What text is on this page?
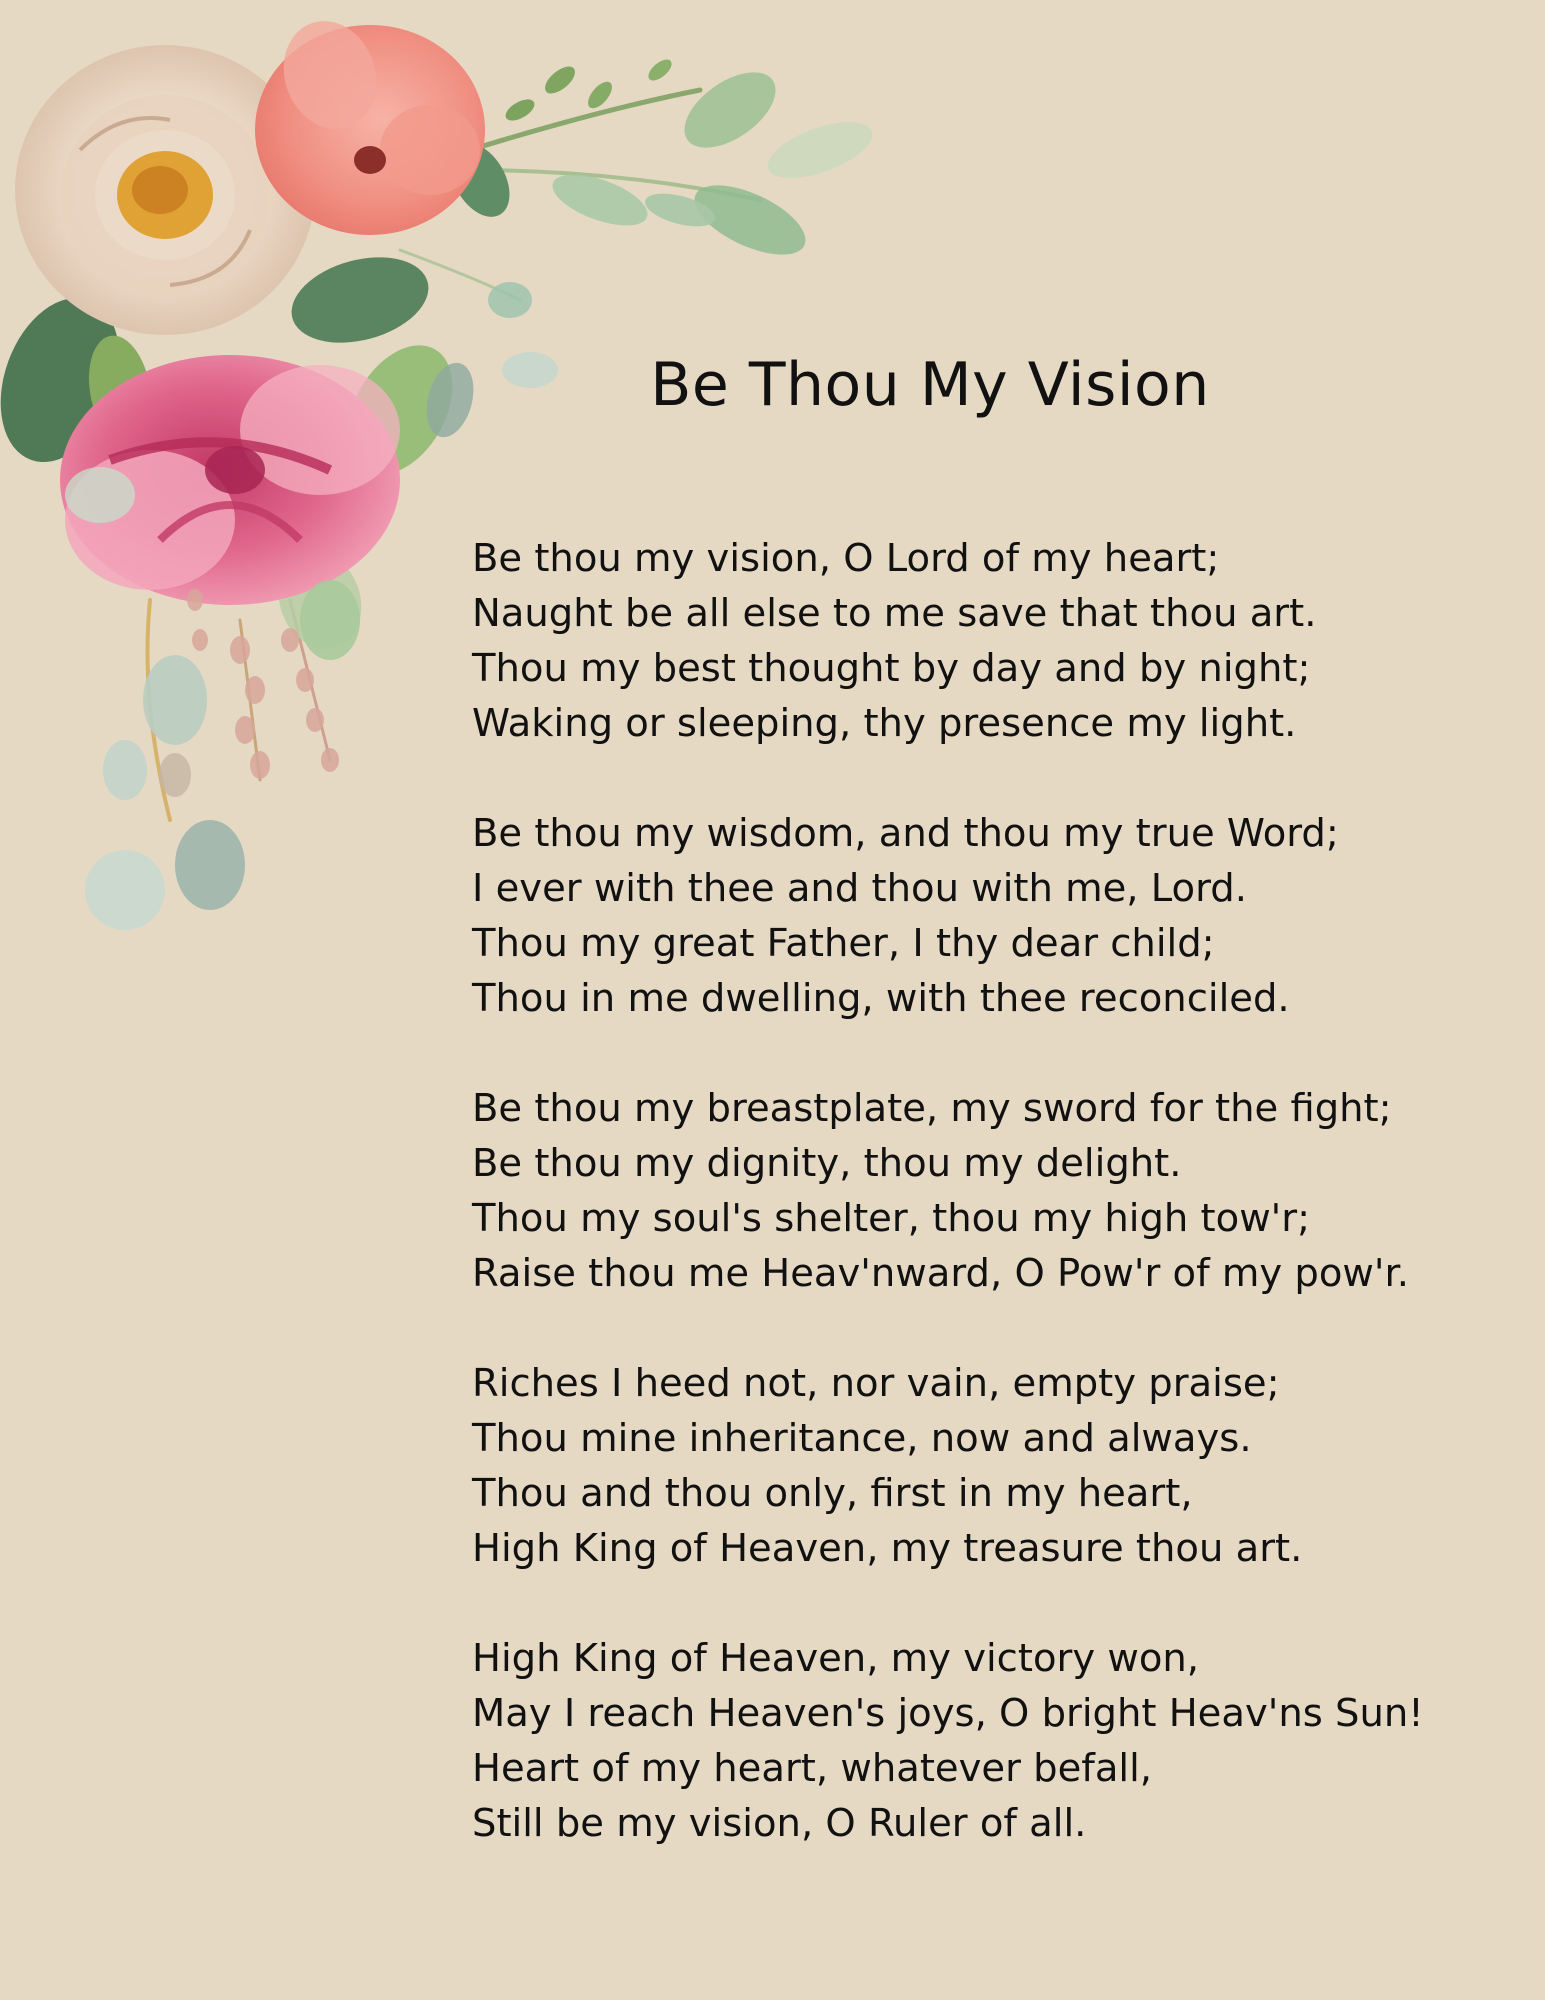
Be Thou My Vision
Be thou my vision, O Lord of my heart;
Naught be all else to me save that thou art.
Thou my best thought by day and by night;
Waking or sleeping, thy presence my light.
Be thou my wisdom, and thou my true Word;
I ever with thee and thou with me, Lord.
Thou my great Father, I thy dear child;
Thou in me dwelling, with thee reconciled.
Be thou my breastplate, my sword for the fight;
Be thou my dignity, thou my delight.
Thou my soul's shelter, thou my high tow'r;
Raise thou me Heav'nward, O Pow'r of my pow'r.
Riches I heed not, nor vain, empty praise;
Thou mine inheritance, now and always.
Thou and thou only, first in my heart,
High King of Heaven, my treasure thou art.
High King of Heaven, my victory won,
May I reach Heaven's joys, O bright Heav'ns Sun!
Heart of my heart, whatever befall,
Still be my vision, O Ruler of all.
